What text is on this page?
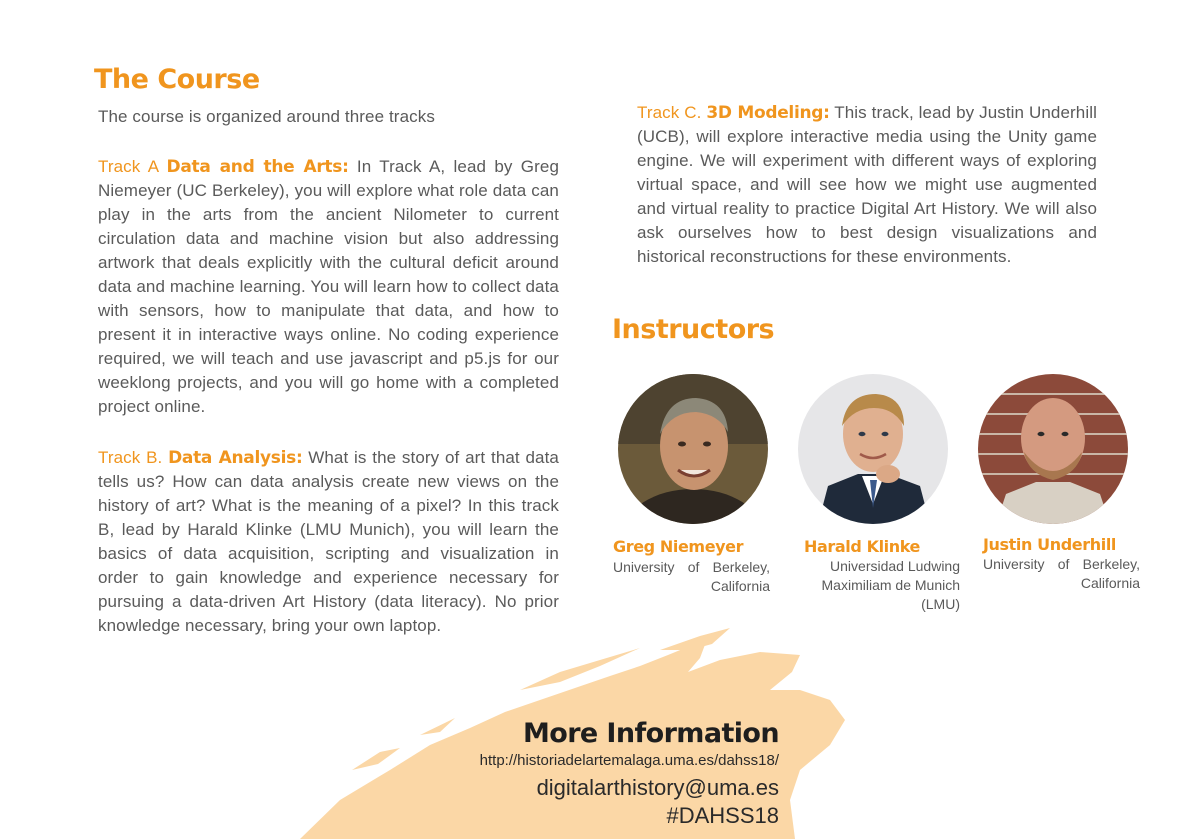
The Course

The course is organized around three tracks

Track A Data and the Arts: In Track A, lead by Greg Niemeyer (UC Berkeley), you will explore what role data can play in the arts from the ancient Nilometer to current circulation data and machine vision but also addressing artwork that deals explicitly with the cultural deficit around data and machine learning. You will learn how to collect data with sensors, how to manipulate that data, and how to present it in interactive ways online. No coding experience required, we will teach and use javascript and p5.js for our weeklong projects, and you will go home with a completed project online.

Track B. Data Analysis: What is the story of art that data tells us? How can data analysis create new views on the history of art? What is the meaning of a pixel? In this track B, lead by Harald Klinke (LMU Munich), you will learn the basics of data acquisition, scripting and visualization in order to gain knowledge and experience necessary for pursuing a data-driven Art History (data literacy). No prior knowledge necessary, bring your own laptop.

Track C. 3D Modeling: This track, lead by Justin Underhill (UCB), will explore interactive media using the Unity game engine. We will experiment with different ways of exploring virtual space, and will see how we might use augmented and virtual reality to practice Digital Art History. We will also ask ourselves how to best design visualizations and historical reconstructions for these environments.

Instructors
Greg Niemeyer
University of Berkeley,
California
Harald Klinke
Universidad Ludwing
Maximiliam de Munich
(LMU)
Justin Underhill
University of Berkeley,
California
More Information
http://historiadelartemalaga.uma.es/dahss18/
digitalarthistory@uma.es
#DAHSS18
